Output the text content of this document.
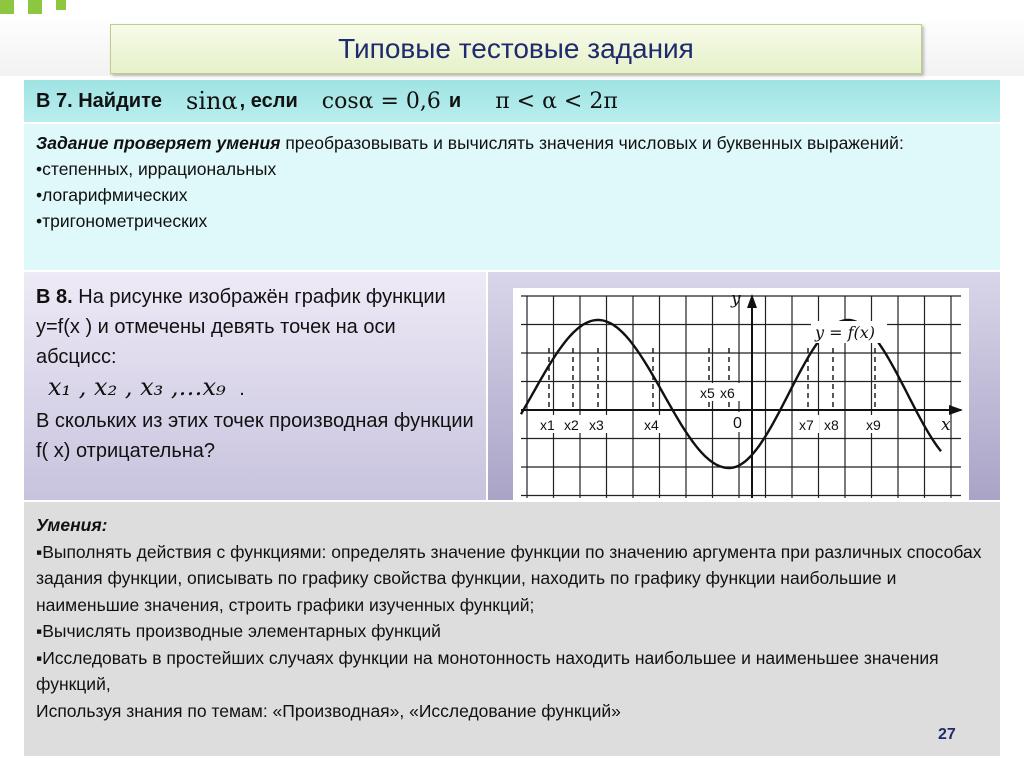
Типовые тестовые задания
В 7. Найдите sinα , если cosα = 0,6 и π < α < 2π

Задание проверяет умения преобразовывать и вычислять значения числовых и буквенных выражений:

•степенных, иррациональных

•логарифмических

•тригонометрических

В 8. На рисунке изображён график функции y=f(x ) и отмечены девять точек на оси абсцисс:
x₁ , x₂ , x₃ ,…x₉ .
В скольких из этих точек производная функции f( x) отрицательна?
x1 x2 x3	x4
x5 x6
x7 x8 x9
y
x
y = f(x)
0

Умения:

▪Выполнять действия с функциями: определять значение функции по значению аргумента при различных способах задания функции, описывать по графику свойства функции, находить по графику функции наибольшие и наименьшие значения, строить графики изученных функций;

▪Вычислять производные элементарных функций

▪Исследовать в простейших случаях функции на монотонность находить наибольшее и наименьшее значения функций,

Используя знания по темам: «Производная», «Исследование функций»

27
